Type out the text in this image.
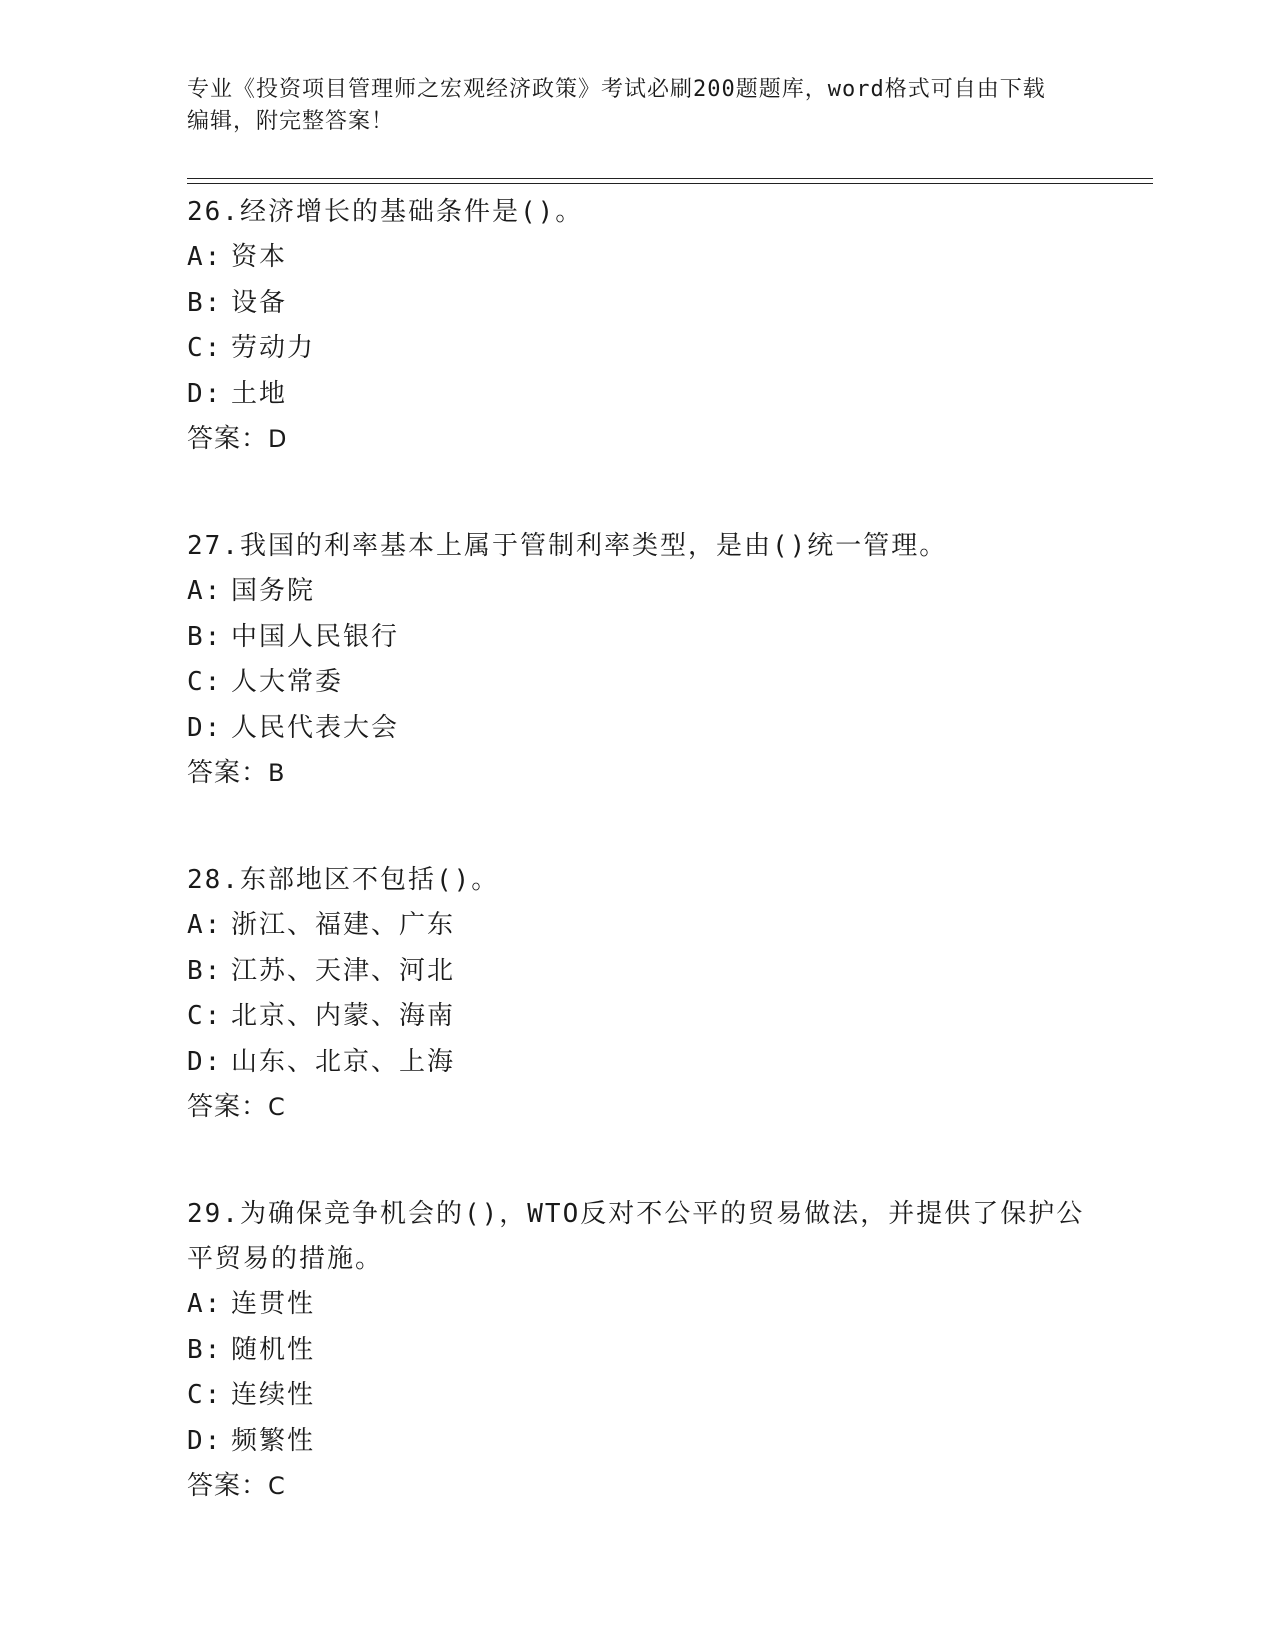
专业《投资项目管理师之宏观经济政策》考试必刷200题题库，word格式可自由下载编辑，附完整答案！
26.经济增长的基础条件是()。
A: 资本
B: 设备
C: 劳动力
D: 土地
答案：D
27.我国的利率基本上属于管制利率类型，是由()统一管理。
A: 国务院
B: 中国人民银行
C: 人大常委
D: 人民代表大会
答案：B
28.东部地区不包括()。
A: 浙江、福建、广东
B: 江苏、天津、河北
C: 北京、内蒙、海南
D: 山东、北京、上海
答案：C
29.为确保竞争机会的()，WTO反对不公平的贸易做法，并提供了保护公平贸易的措施。
A: 连贯性
B: 随机性
C: 连续性
D: 频繁性
答案：C
